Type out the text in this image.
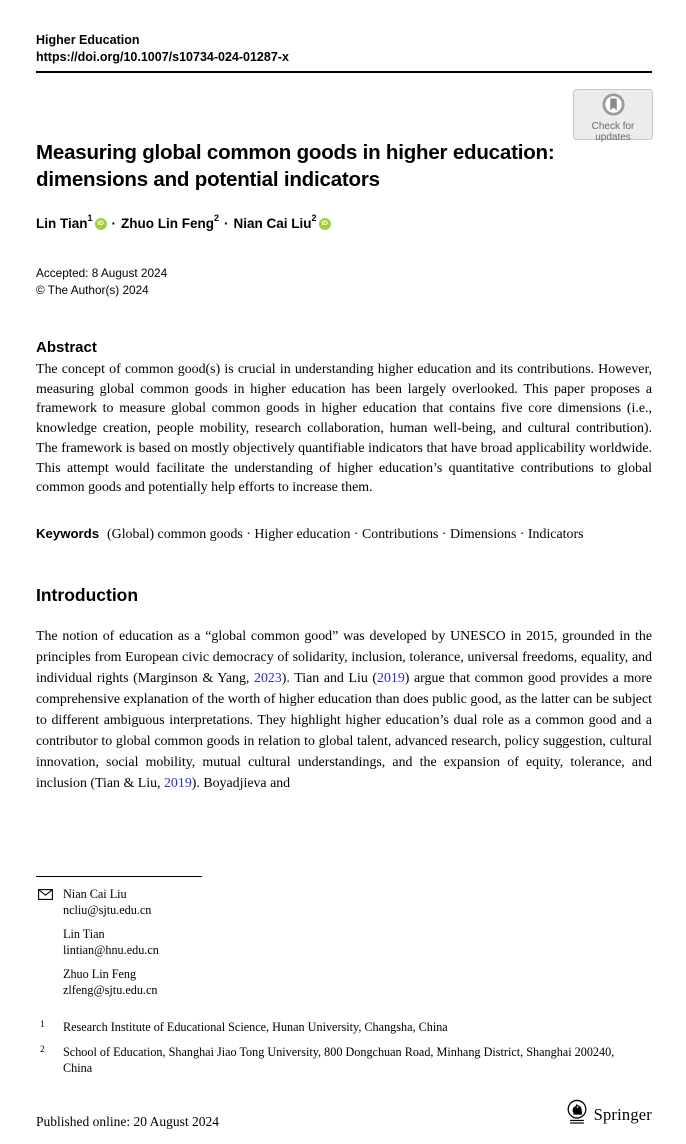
Higher Education
https://doi.org/10.1007/s10734-024-01287-x
Check for
updates
Measuring global common goods in higher education:
dimensions and potential indicators
Lin Tian$^1$ iD · Zhuo Lin Feng$^2$ · Nian Cai Liu$^2$ iD
Accepted: 8 August 2024
© The Author(s) 2024
Abstract
The concept of common good(s) is crucial in understanding higher education and its contributions. However, measuring global common goods in higher education has been largely overlooked. This paper proposes a framework to measure global common goods in higher education that contains five core dimensions (i.e., knowledge creation, people mobility, research collaboration, human well-being, and cultural contribution). The framework is based on mostly objectively quantifiable indicators that have broad applicability worldwide. This attempt would facilitate the understanding of higher education’s quantitative contributions to global common goods and potentially help efforts to increase them.
Keywords (Global) common goods · Higher education · Contributions · Dimensions · Indicators
Introduction
The notion of education as a “global common good” was developed by UNESCO in 2015, grounded in the principles from European civic democracy of solidarity, inclusion, tolerance, universal freedoms, equality, and individual rights (Marginson & Yang, 2023). Tian and Liu (2019) argue that common good provides a more comprehensive explanation of the worth of higher education than does public good, as the latter can be subject to different ambiguous interpretations. They highlight higher education’s dual role as a common good and a contributor to global common goods in relation to global talent, advanced research, policy suggestion, cultural innovation, social mobility, mutual cultural understandings, and the expansion of equity, tolerance, and inclusion (Tian & Liu, 2019). Boyadjieva and
Nian Cai Liu
ncliu@sjtu.edu.cn
Lin Tian
lintian@hnu.edu.cn
Zhuo Lin Feng
zlfeng@sjtu.edu.cn
1 Research Institute of Educational Science, Hunan University, Changsha, China
2 School of Education, Shanghai Jiao Tong University, 800 Dongchuan Road, Minhang District, Shanghai 200240, China
Published online: 20 August 2024	Springer
